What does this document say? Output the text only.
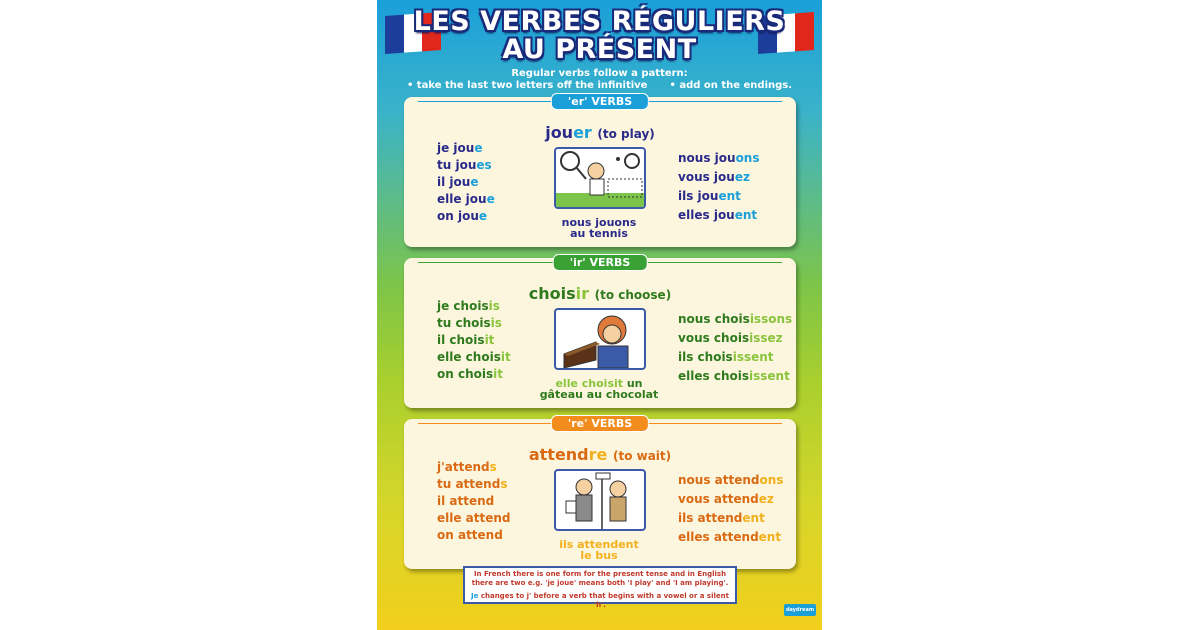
LES VERBES RÉGULIERS
AU PRÉSENT
Regular verbs follow a pattern:
• take the last two letters off the infinitive • add on the endings.
'er' VERBS
jouer (to play)
je joue
tu joues
il joue
elle joue
on joue	nous jouons
au tennis
nous jouons
vous jouez
ils jouent
elles jouent
'ir' VERBS
choisir (to choose)
je choisis
tu choisis
il choisit
elle choisit
on choisit
elle choisit un
gâteau au chocolat
nous choisissons
vous choisissez
ils choisissent
elles choisissent
're' VERBS
attendre (to wait)
j'attends
tu attends
il attend
elle attend
on attend
ils attendent
le bus
nous attendons
vous attendez
ils attendent
elles attendent
In French there is one form for the present tense and in English there are two e.g. 'je joue' means both 'I play' and 'I am playing'.
Je changes to j' before a verb that begins with a vowel or a silent 'h'.
daydream
